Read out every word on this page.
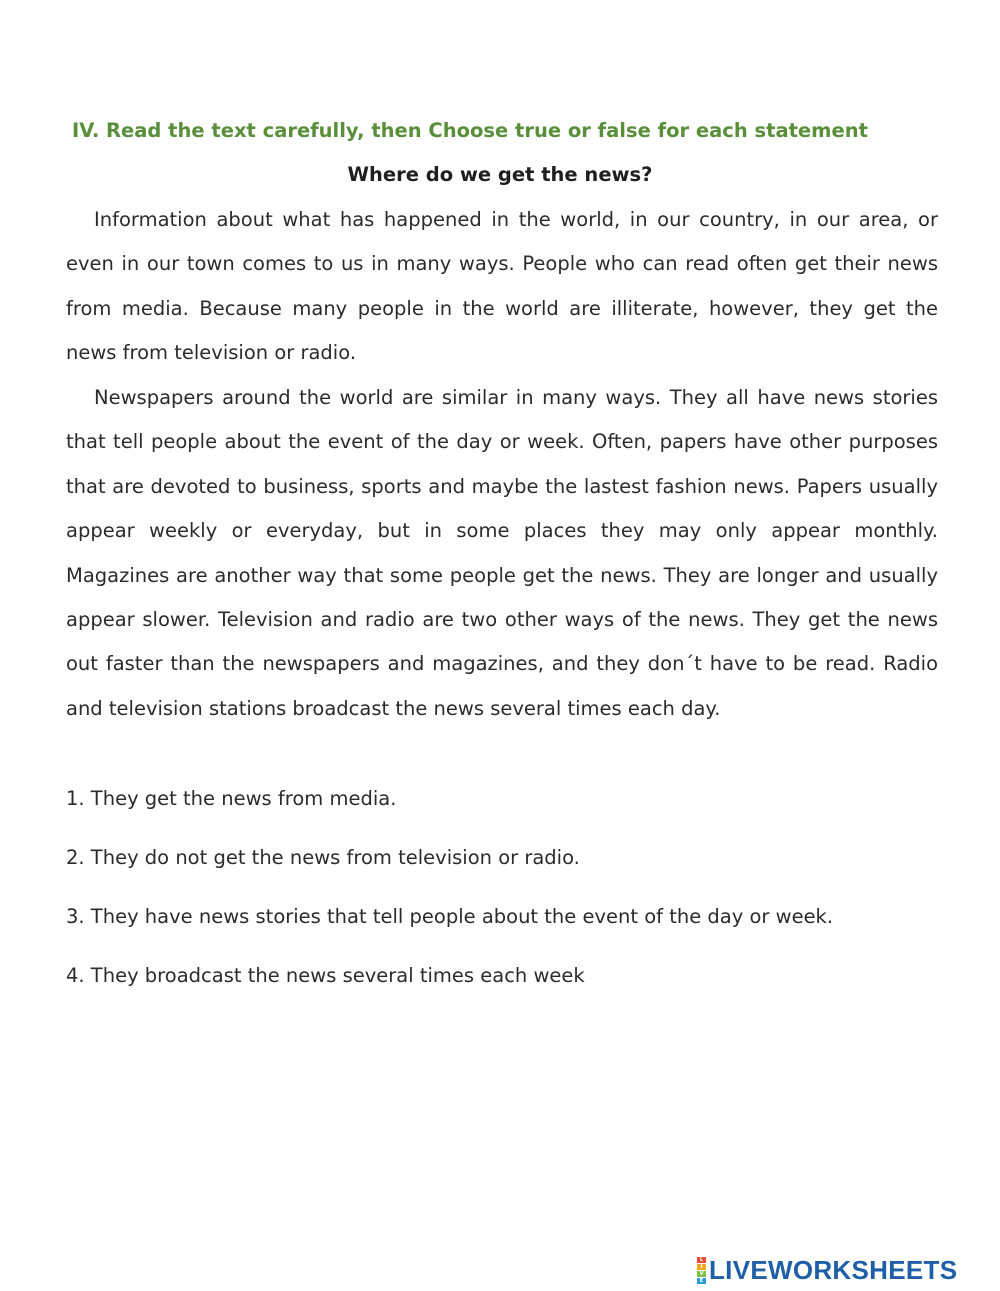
IV. Read the text carefully, then Choose true or false for each statement
Where do we get the news?
Information about what has happened in the world, in our country, in our area, or even in our town comes to us in many ways. People who can read often get their news from media. Because many people in the world are illiterate, however, they get the news from television or radio.
Newspapers around the world are similar in many ways. They all have news stories that tell people about the event of the day or week. Often, papers have other purposes that are devoted to business, sports and maybe the lastest fashion news. Papers usually appear weekly or everyday, but in some places they may only appear monthly. Magazines are another way that some people get the news. They are longer and usually appear slower. Television and radio are two other ways of the news. They get the news out faster than the newspapers and magazines, and they don´t have to be read. Radio and television stations broadcast the news several times each day.
1. They get the news from media.
2. They do not get the news from television or radio.
3. They have news stories that tell people about the event of the day or week.
4. They broadcast the news several times each week
L
I
V
E LIVEWORKSHEETS
